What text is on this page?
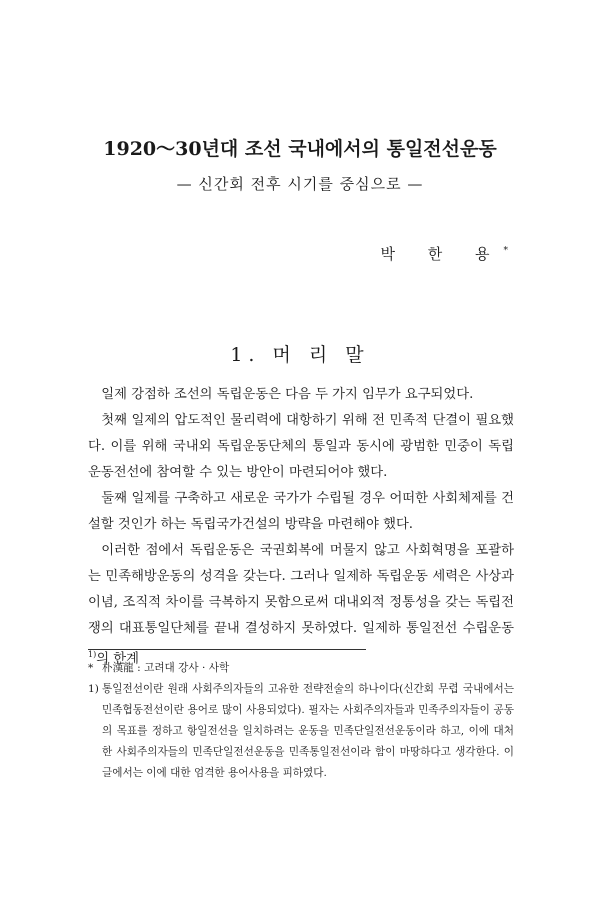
1920～30년대 조선 국내에서의 통일전선운동
— 신간회 전후 시기를 중심으로 —
박 한 용*
1. 머 리 말

일제 강점하 조선의 독립운동은 다음 두 가지 임무가 요구되었다.

첫째 일제의 압도적인 물리력에 대항하기 위해 전 민족적 단결이 필요했다. 이를 위해 국내외 독립운동단체의 통일과 동시에 광범한 민중이 독립운동전선에 참여할 수 있는 방안이 마련되어야 했다.

둘째 일제를 구축하고 새로운 국가가 수립될 경우 어떠한 사회체제를 건설할 것인가 하는 독립국가건설의 방략을 마련해야 했다.

이러한 점에서 독립운동은 국권회복에 머물지 않고 사회혁명을 포괄하는 민족해방운동의 성격을 갖는다. 그러나 일제하 독립운동 세력은 사상과 이념, 조직적 차이를 극복하지 못함으로써 대내외적 정통성을 갖는 독립전쟁의 대표통일단체를 끝내 결성하지 못하였다. 일제하 통일전선 수립운동$^{1)}$의 한계

* 朴漢龍 : 고려대 강사 · 사학
1) 통일전선이란 원래 사회주의자들의 고유한 전략전술의 하나이다(신간회 무렵 국내에서는 민족협동전선이란 용어로 많이 사용되었다). 필자는 사회주의자들과 민족주의자들이 공동의 목표를 정하고 항일전선을 일치하려는 운동을 민족단일전선운동이라 하고, 이에 대처한 사회주의자들의 민족단일전선운동을 민족통일전선이라 함이 마땅하다고 생각한다. 이 글에서는 이에 대한 엄격한 용어사용을 피하였다.
